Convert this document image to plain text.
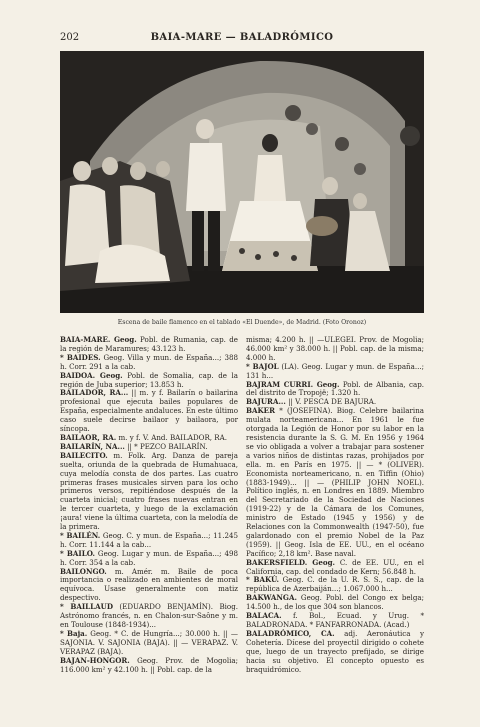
202	BAIA-MARE — BALADRÓMICO
Escena de baile flamenco en el tablado «El Duende», de Madrid. (Foto Oronoz)

BAIA-MARE. Geog. Pobl. de Rumania, cap. de la región de Maramures; 43.123 h.

* BAIDES. Geog. Villa y mun. de España...; 388 h. Corr. 291 a la cab.

BAIDOA. Geog. Pobl. de Somalia, cap. de la región de Juba superior; 13.853 h.

BAILADOR, RA... || m. y f. Bailarín o bailarina profesional que ejecuta bailes populares de España, especialmente andaluces. En este último caso suele decirse bailaor y bailaora, por síncopa.

BAILAOR, RA. m. y f. V. And. BAILADOR, RA.

BAILARÍN, NA... || * PEZCO BAILARÍN.

BAILECITO. m. Folk. Arg. Danza de pareja suelta, oriunda de la quebrada de Humahuaca, cuya melodía consta de dos partes. Las cuatro primeras frases musicales sirven para los ocho primeros versos, repitiéndose después de la cuarteta inicial; cuatro frases nuevas entran en le tercer cuarteta, y luego de la exclamación ¡aura! viene la última cuarteta, con la melodía de la primera.

* BAILÉN. Geog. C. y mun. de España...; 11.245 h. Corr. 11.144 a la cab...

* BAILO. Geog. Lugar y mun. de España...; 498 h. Corr. 354 a la cab.

BAILONGO. m. Amér. m. Baile de poca importancia o realizado en ambientes de moral equívoca. Usase generalmente con matiz despectivo.

* BAILLAUD (EDUARDO BENJAMÍN). Biog. Astrónomo francés, n. en Chalon-sur-Saône y m. en Toulouse (1848-1934)...

* Baja. Geog. * C. de Hungría...; 30.000 h. || — SAJONIA. V. SAJONIA (BAJA). || — VERAPAZ. V. VERAPAZ (BAJA).

BAJAN-HONGOR. Geog. Prov. de Mogolia; 116.000 km² y 42.100 h. || Pobl. cap. de la

misma; 4.200 h. || —ULEGEI. Prov. de Mogolia; 46.000 km² y 38.000 h. || Pobl. cap. de la misma; 4.000 h.

* BAJOL (LA). Geog. Lugar y mun. de España...; 131 h...

BAJRAM CURRI. Geog. Pobl. de Albania, cap. del distrito de Tropojë; 1.320 h.

BAJURA... || V. PESCA DE BAJURA.

BAKER * (JOSEFINA). Biog. Celebre bailarina mulata norteamericana... En 1961 le fue otorgada la Legión de Honor por su labor en la resistencia durante la S. G. M. En 1956 y 1964 se vio obligada a volver a trabajar para sostener a varios niños de distintas razas, prohijados por ella. m. en París en 1975. || — * (OLIVER). Economista norteamericano, n. en Tiffin (Ohio) (1883-1949)... || — (PHILIP JOHN NOEL). Político inglés, n. en Londres en 1889. Miembro del Secretariado de la Sociedad de Naciones (1919-22) y de la Cámara de los Comunes, ministro de Estado (1945 y 1956) y de Relaciones con la Commonwealth (1947-50), fue galardonado con el premio Nobel de la Paz (1959). || Geog. Isla de EE. UU., en el océano Pacífico; 2,18 km². Base naval.

BAKERSFIELD. Geog. C. de EE. UU., en el California, cap. del condado de Kern; 56.848 h.

* BAKÚ. Geog. C. de la U. R. S. S., cap. de la república de Azerbaiján...; 1.067.000 h...

BAKWANGA. Geog. Pobl. del Congo ex belga; 14.500 h., de los que 304 son blancos.

BALACA. f. Bol., Ecuad. y Urug. * BALADRONADA. * FANFARRONADA. (Acad.)

BALADRÓMICO, CA. adj. Aeronáutica y Cohetería. Dícese del proyectil dirigido o cohete que, luego de un trayecto prefijado, se dirige hacia su objetivo. El concepto opuesto es braquidrómico.
